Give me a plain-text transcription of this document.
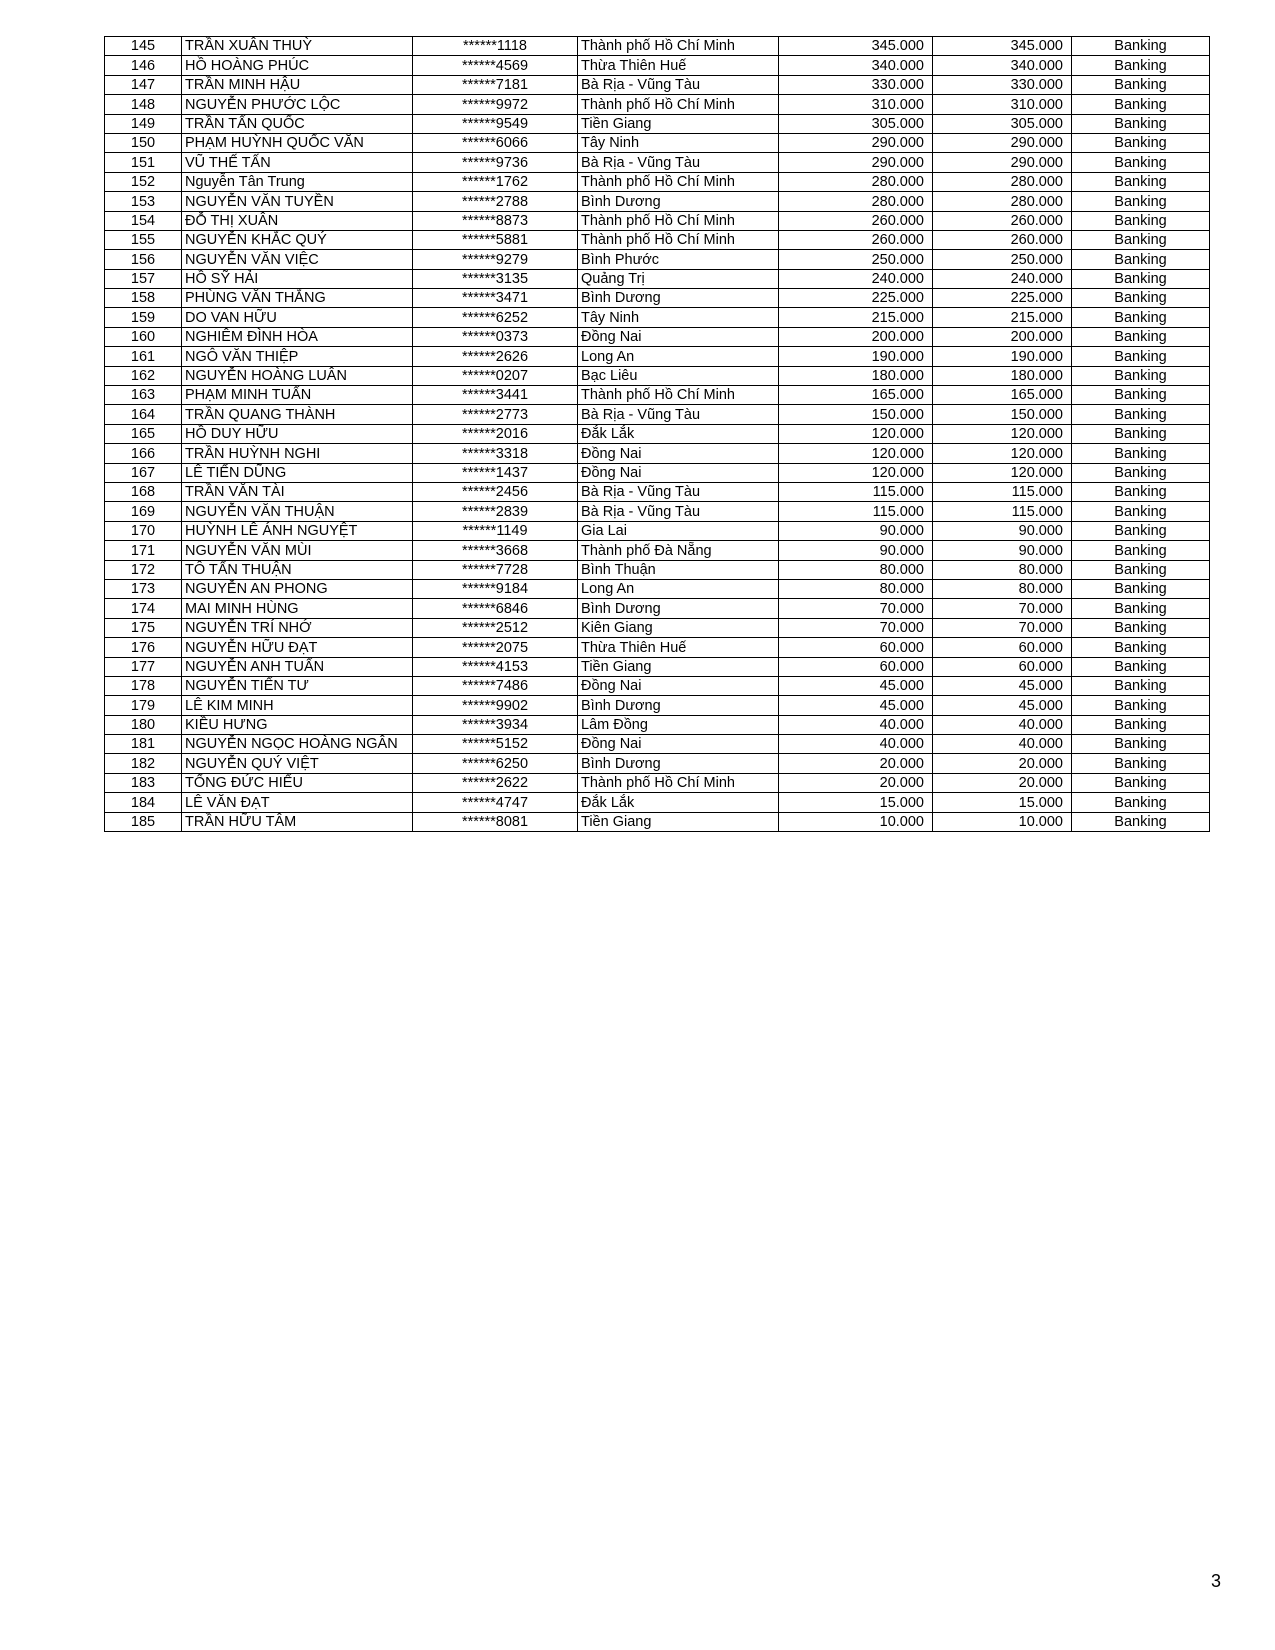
145	TRẦN XUÂN THUỲ	******1118	Thành phố Hồ Chí Minh	345.000	345.000	Banking
146	HỒ HOÀNG PHÚC	******4569	Thừa Thiên Huế	340.000	340.000	Banking
147	TRẦN MINH HẬU	******7181	Bà Rịa - Vũng Tàu	330.000	330.000	Banking
148	NGUYỄN PHƯỚC LỘC	******9972	Thành phố Hồ Chí Minh	310.000	310.000	Banking
149	TRẦN TẤN QUỐC	******9549	Tiền Giang	305.000	305.000	Banking
150	PHẠM HUỲNH QUỐC VĂN	******6066	Tây Ninh	290.000	290.000	Banking
151	VŨ THẾ TẤN	******9736	Bà Rịa - Vũng Tàu	290.000	290.000	Banking
152	Nguyễn Tân Trung	******1762	Thành phố Hồ Chí Minh	280.000	280.000	Banking
153	NGUYỄN VĂN TUYỀN	******2788	Bình Dương	280.000	280.000	Banking
154	ĐỖ THỊ XUÂN	******8873	Thành phố Hồ Chí Minh	260.000	260.000	Banking
155	NGUYỄN KHẮC QUÝ	******5881	Thành phố Hồ Chí Minh	260.000	260.000	Banking
156	NGUYỄN VĂN VIỆC	******9279	Bình Phước	250.000	250.000	Banking
157	HỒ SỸ HẢI	******3135	Quảng Trị	240.000	240.000	Banking
158	PHÙNG VĂN THẮNG	******3471	Bình Dương	225.000	225.000	Banking
159	DO VAN HỮU	******6252	Tây Ninh	215.000	215.000	Banking
160	NGHIÊM ĐÌNH HÒA	******0373	Đồng Nai	200.000	200.000	Banking
161	NGÔ VĂN THIỆP	******2626	Long An	190.000	190.000	Banking
162	NGUYỄN HOÀNG LUÂN	******0207	Bạc Liêu	180.000	180.000	Banking
163	PHẠM MINH TUẤN	******3441	Thành phố Hồ Chí Minh	165.000	165.000	Banking
164	TRẦN QUANG THÀNH	******2773	Bà Rịa - Vũng Tàu	150.000	150.000	Banking
165	HỒ DUY HỮU	******2016	Đắk Lắk	120.000	120.000	Banking
166	TRẦN HUỲNH NGHI	******3318	Đồng Nai	120.000	120.000	Banking
167	LÊ TIẾN DŨNG	******1437	Đồng Nai	120.000	120.000	Banking
168	TRẦN VĂN TÀI	******2456	Bà Rịa - Vũng Tàu	115.000	115.000	Banking
169	NGUYỄN VĂN THUẬN	******2839	Bà Rịa - Vũng Tàu	115.000	115.000	Banking
170	HUỲNH LÊ ÁNH NGUYỆT	******1149	Gia Lai	90.000	90.000	Banking
171	NGUYỄN VĂN MÙI	******3668	Thành phố Đà Nẵng	90.000	90.000	Banking
172	TÔ TẤN THUẬN	******7728	Bình Thuận	80.000	80.000	Banking
173	NGUYỄN AN PHONG	******9184	Long An	80.000	80.000	Banking
174	MAI MINH HÙNG	******6846	Bình Dương	70.000	70.000	Banking
175	NGUYỄN TRÍ NHỚ	******2512	Kiên Giang	70.000	70.000	Banking
176	NGUYỄN HỮU ĐẠT	******2075	Thừa Thiên Huế	60.000	60.000	Banking
177	NGUYỄN ANH TUẤN	******4153	Tiền Giang	60.000	60.000	Banking
178	NGUYỄN TIẾN TƯ	******7486	Đồng Nai	45.000	45.000	Banking
179	LÊ KIM MINH	******9902	Bình Dương	45.000	45.000	Banking
180	KIỀU HƯNG	******3934	Lâm Đồng	40.000	40.000	Banking
181	NGUYỄN NGỌC HOÀNG NGÂN	******5152	Đồng Nai	40.000	40.000	Banking
182	NGUYỄN QUÝ VIỆT	******6250	Bình Dương	20.000	20.000	Banking
183	TỐNG ĐỨC HIẾU	******2622	Thành phố Hồ Chí Minh	20.000	20.000	Banking
184	LÊ VĂN ĐẠT	******4747	Đắk Lắk	15.000	15.000	Banking
185	TRẦN HỮU TÂM	******8081	Tiền Giang	10.000	10.000	Banking
3
